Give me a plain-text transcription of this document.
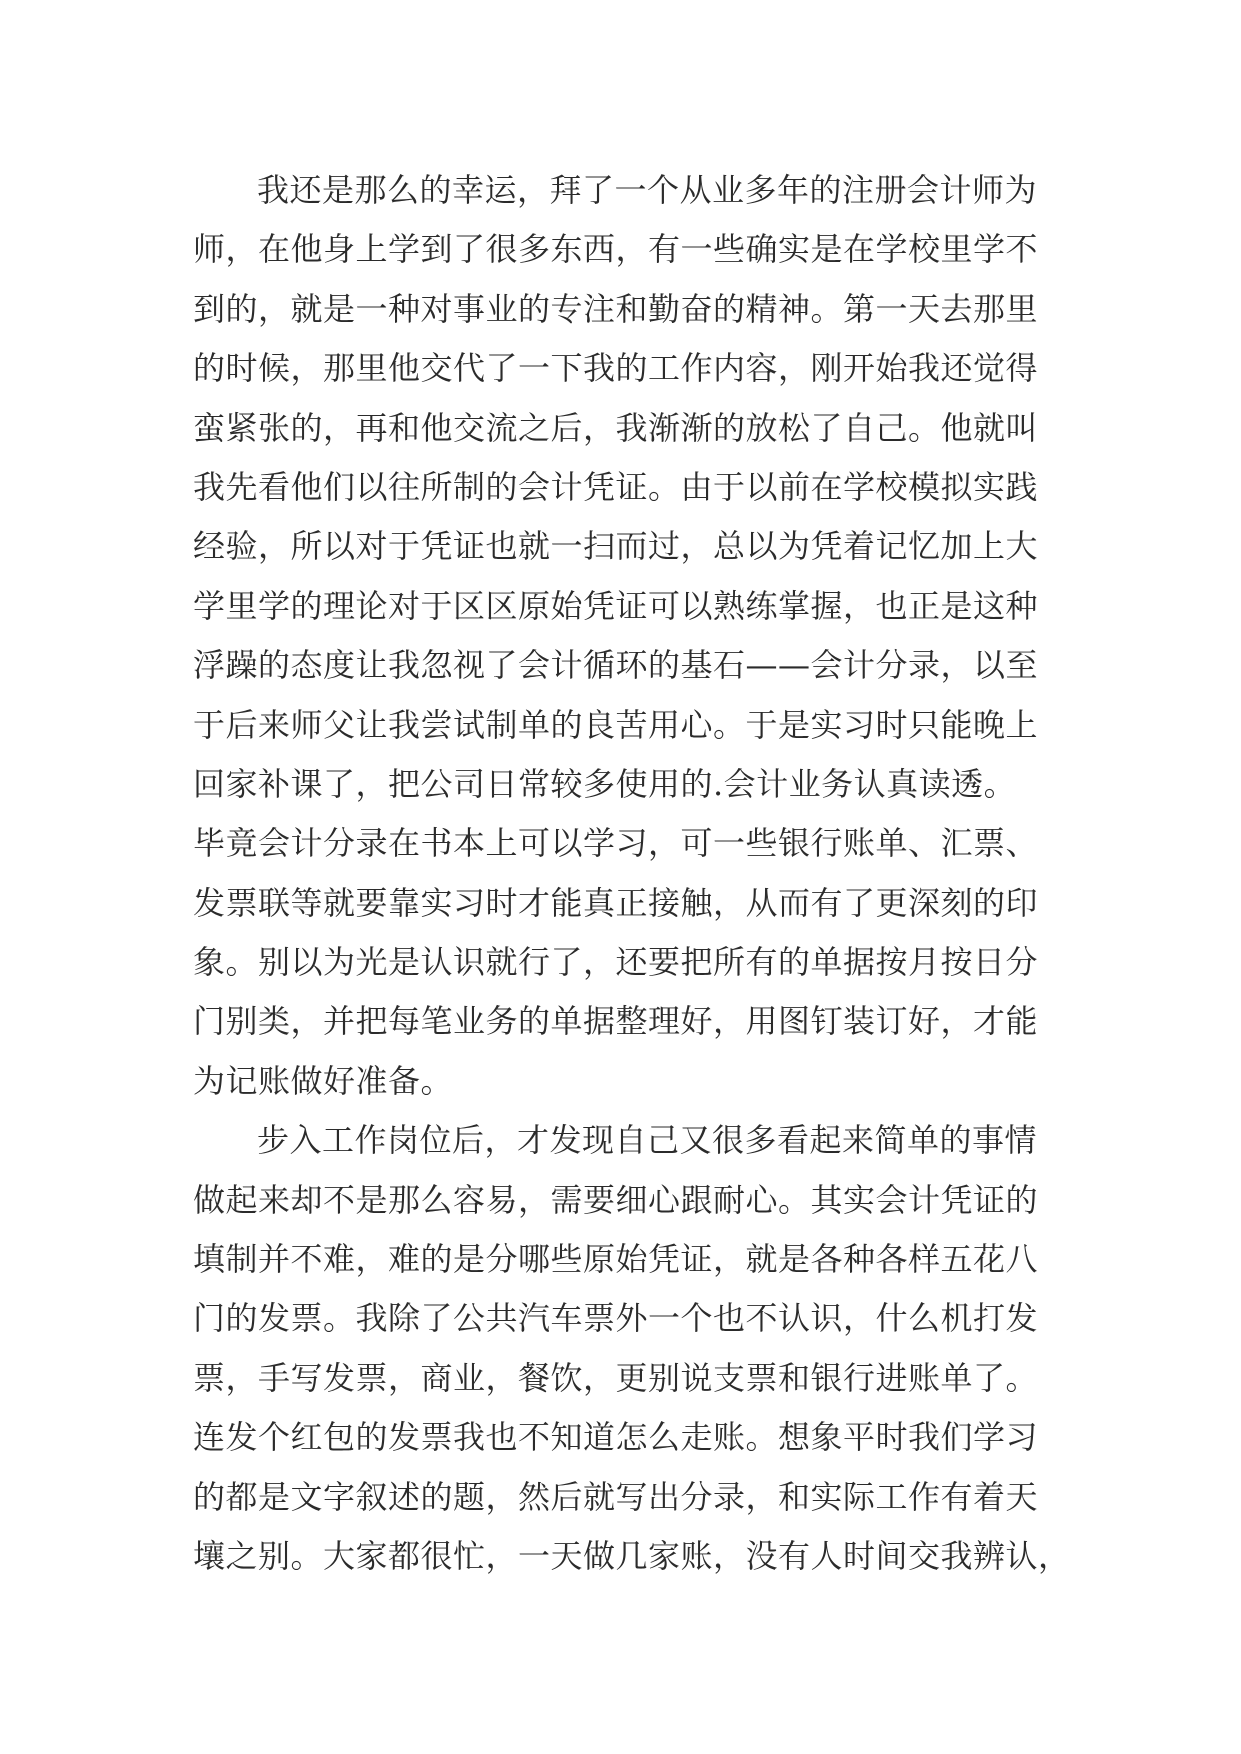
我还是那么的幸运，拜了一个从业多年的注册会计师为
师，在他身上学到了很多东西，有一些确实是在学校里学不
到的，就是一种对事业的专注和勤奋的精神。第一天去那里
的时候，那里他交代了一下我的工作内容，刚开始我还觉得
蛮紧张的，再和他交流之后，我渐渐的放松了自己。他就叫
我先看他们以往所制的会计凭证。由于以前在学校模拟实践
经验，所以对于凭证也就一扫而过，总以为凭着记忆加上大
学里学的理论对于区区原始凭证可以熟练掌握，也正是这种
浮躁的态度让我忽视了会计循环的基石——会计分录，以至
于后来师父让我尝试制单的良苦用心。于是实习时只能晚上
回家补课了，把公司日常较多使用的.会计业务认真读透。
毕竟会计分录在书本上可以学习，可一些银行账单、汇票、
发票联等就要靠实习时才能真正接触，从而有了更深刻的印
象。别以为光是认识就行了，还要把所有的单据按月按日分
门别类，并把每笔业务的单据整理好，用图钉装订好，才能
为记账做好准备。
步入工作岗位后，才发现自己又很多看起来简单的事情
做起来却不是那么容易，需要细心跟耐心。其实会计凭证的
填制并不难，难的是分哪些原始凭证，就是各种各样五花八
门的发票。我除了公共汽车票外一个也不认识，什么机打发
票，手写发票，商业，餐饮，更别说支票和银行进账单了。
连发个红包的发票我也不知道怎么走账。想象平时我们学习
的都是文字叙述的题，然后就写出分录，和实际工作有着天
壤之别。大家都很忙，一天做几家账，没有人时间交我辨认，
